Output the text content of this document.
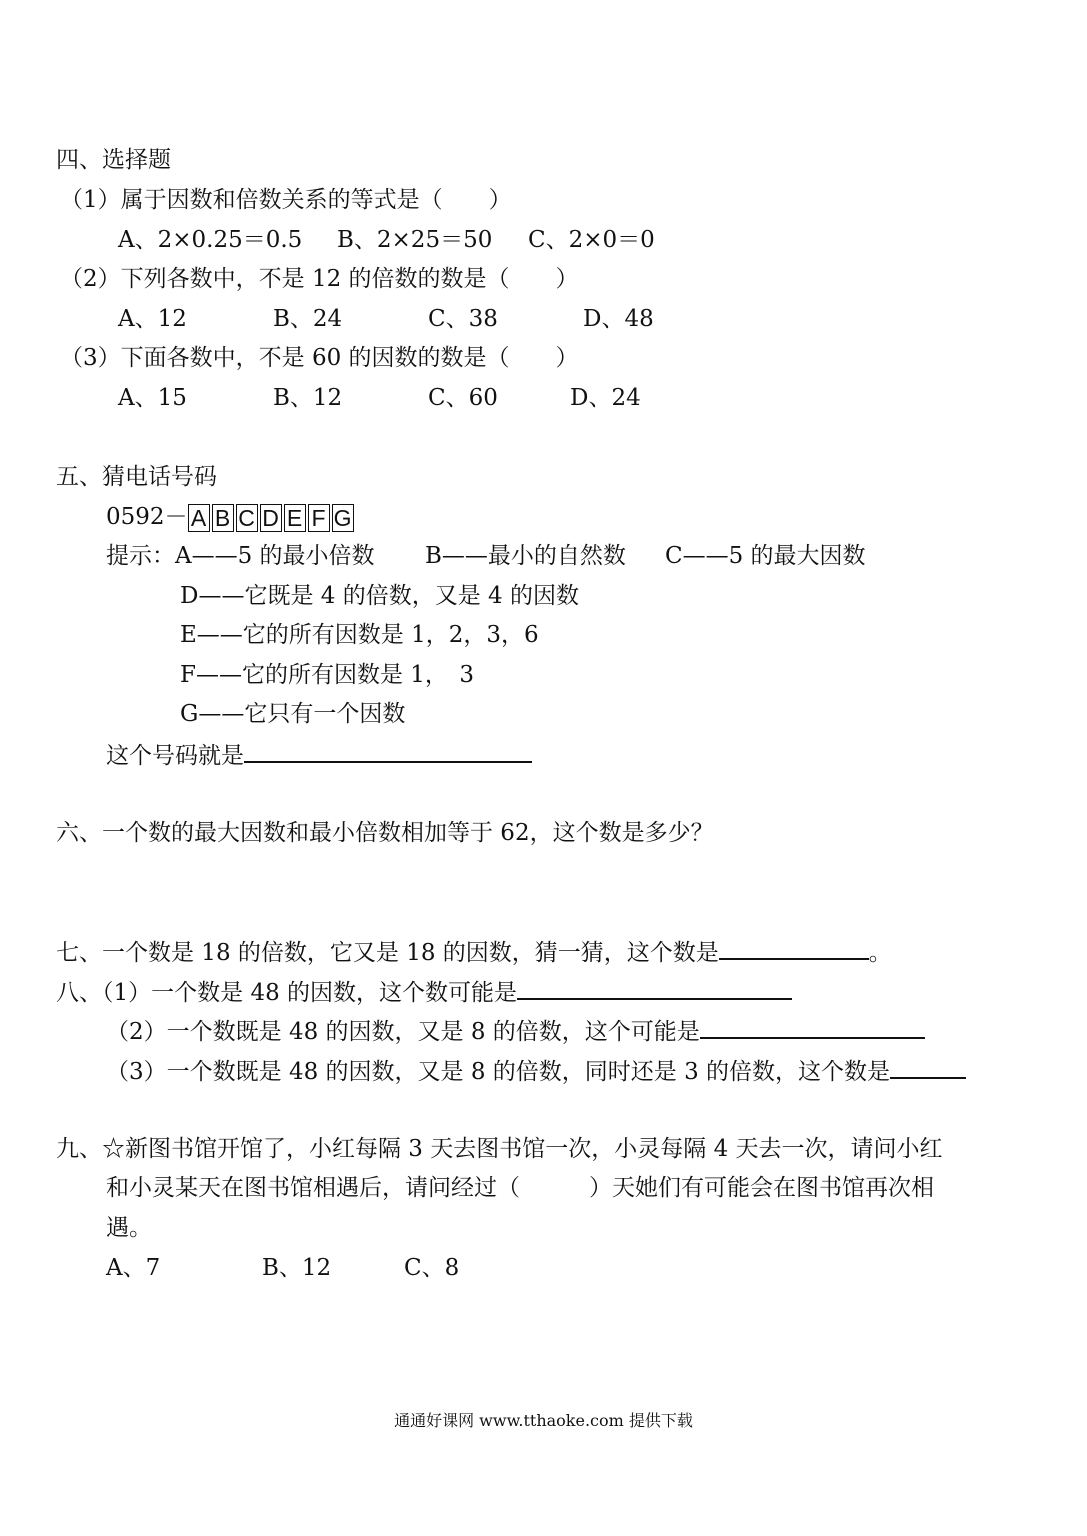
四、选择题
（1）属于因数和倍数关系的等式是（　　）
A、2×0.25＝0.5 B、2×25＝50 C、2×0＝0
（2）下列各数中，不是 12 的倍数的数是（　　）
A、12	B、24	C、38	D、48
（3）下面各数中，不是 60 的因数的数是（　　）
A、15	B、12	C、60	D、24
五、猜电话号码
0592－ A B C D E F G
提示：A——5 的最小倍数 B——最小的自然数 C——5 的最大因数
D——它既是 4 的倍数，又是 4 的因数
E——它的所有因数是 1，2，3，6
F——它的所有因数是 1，　3
G——它只有一个因数
这个号码就是
六、一个数的最大因数和最小倍数相加等于 62，这个数是多少？
七、一个数是 18 的倍数，它又是 18 的因数，猜一猜，这个数是	。
八、（1）一个数是 48 的因数，这个数可能是
（2）一个数既是 48 的因数，又是 8 的倍数，这个可能是
（3）一个数既是 48 的因数，又是 8 的倍数，同时还是 3 的倍数，这个数是
九、☆新图书馆开馆了，小红每隔 3 天去图书馆一次，小灵每隔 4 天去一次，请问小红
和小灵某天在图书馆相遇后，请问经过（　　　）天她们有可能会在图书馆再次相
遇。
A、7	B、12	C、8
通通好课网 www.tthaoke.com 提供下载
